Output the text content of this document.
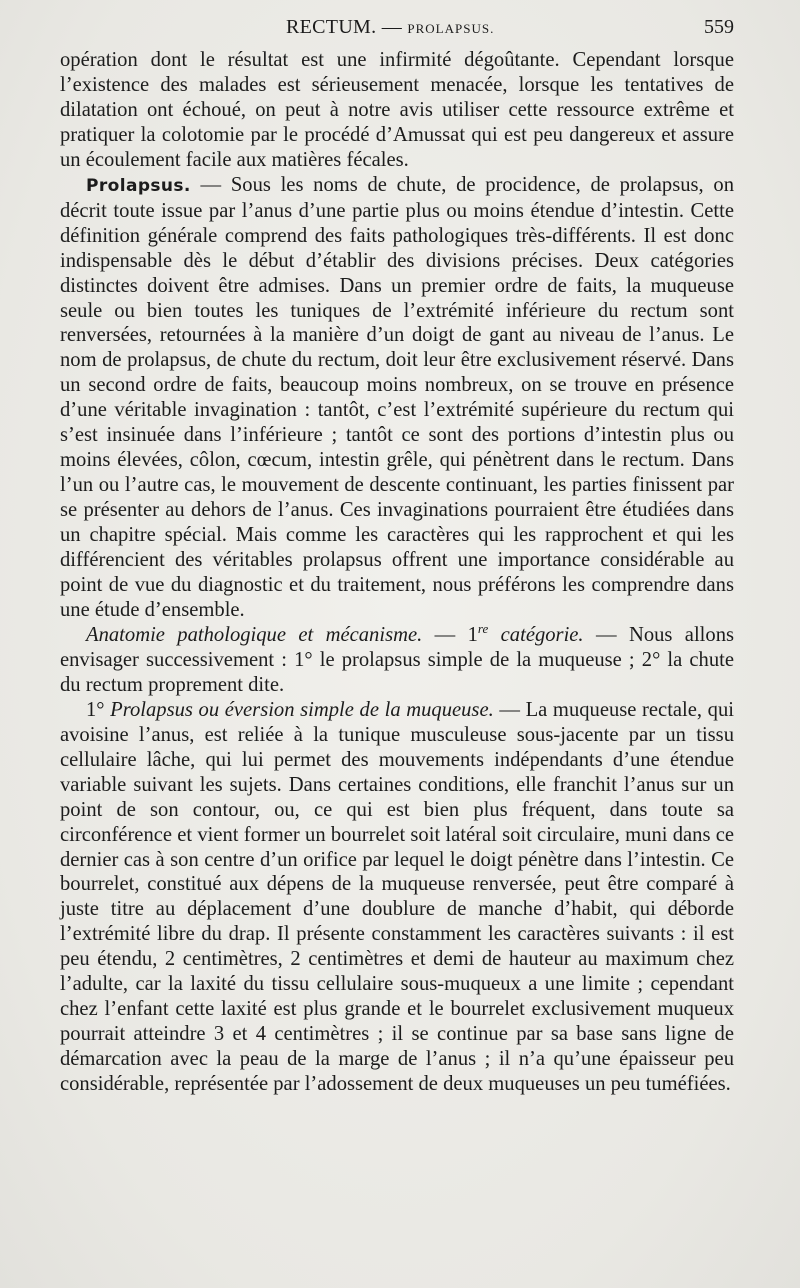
RECTUM. — PROLAPSUS.	559

opération dont le résultat est une infirmité dégoûtante. Cependant lorsque l’existence des malades est sérieusement menacée, lorsque les tentatives de dilatation ont échoué, on peut à notre avis utiliser cette ressource extrême et pratiquer la colotomie par le procédé d’Amussat qui est peu dangereux et assure un écoulement facile aux matières fécales.

Prolapsus. — Sous les noms de chute, de procidence, de prolapsus, on décrit toute issue par l’anus d’une partie plus ou moins étendue d’intestin. Cette définition générale comprend des faits pathologiques très-différents. Il est donc indispensable dès le début d’établir des divisions précises. Deux catégories distinctes doivent être admises. Dans un premier ordre de faits, la muqueuse seule ou bien toutes les tuniques de l’extrémité inférieure du rectum sont renversées, retournées à la manière d’un doigt de gant au niveau de l’anus. Le nom de prolapsus, de chute du rectum, doit leur être exclusivement réservé. Dans un second ordre de faits, beaucoup moins nombreux, on se trouve en présence d’une véritable invagination : tantôt, c’est l’extrémité supérieure du rectum qui s’est insinuée dans l’inférieure ; tantôt ce sont des portions d’intestin plus ou moins élevées, côlon, cœcum, intestin grêle, qui pénètrent dans le rectum. Dans l’un ou l’autre cas, le mouvement de descente continuant, les parties finissent par se présenter au dehors de l’anus. Ces invaginations pourraient être étudiées dans un chapitre spécial. Mais comme les caractères qui les rapprochent et qui les différencient des véritables prolapsus offrent une importance considérable au point de vue du diagnostic et du traitement, nous préférons les comprendre dans une étude d’ensemble.

Anatomie pathologique et mécanisme. — 1re catégorie. — Nous allons envisager successivement : 1° le prolapsus simple de la muqueuse ; 2° la chute du rectum proprement dite.

1° Prolapsus ou éversion simple de la muqueuse. — La muqueuse rectale, qui avoisine l’anus, est reliée à la tunique musculeuse sous-jacente par un tissu cellulaire lâche, qui lui permet des mouvements indépendants d’une étendue variable suivant les sujets. Dans certaines conditions, elle franchit l’anus sur un point de son contour, ou, ce qui est bien plus fréquent, dans toute sa circonférence et vient former un bourrelet soit latéral soit circulaire, muni dans ce dernier cas à son centre d’un orifice par lequel le doigt pénètre dans l’intestin. Ce bourrelet, constitué aux dépens de la muqueuse renversée, peut être comparé à juste titre au déplacement d’une doublure de manche d’habit, qui déborde l’extrémité libre du drap. Il présente constamment les caractères suivants : il est peu étendu, 2 centimètres, 2 centimètres et demi de hauteur au maximum chez l’adulte, car la laxité du tissu cellulaire sous-muqueux a une limite ; cependant chez l’enfant cette laxité est plus grande et le bourrelet exclusivement muqueux pourrait atteindre 3 et 4 centimètres ; il se continue par sa base sans ligne de démarcation avec la peau de la marge de l’anus ; il n’a qu’une épaisseur peu considérable, représentée par l’adossement de deux muqueuses un peu tuméfiées.
